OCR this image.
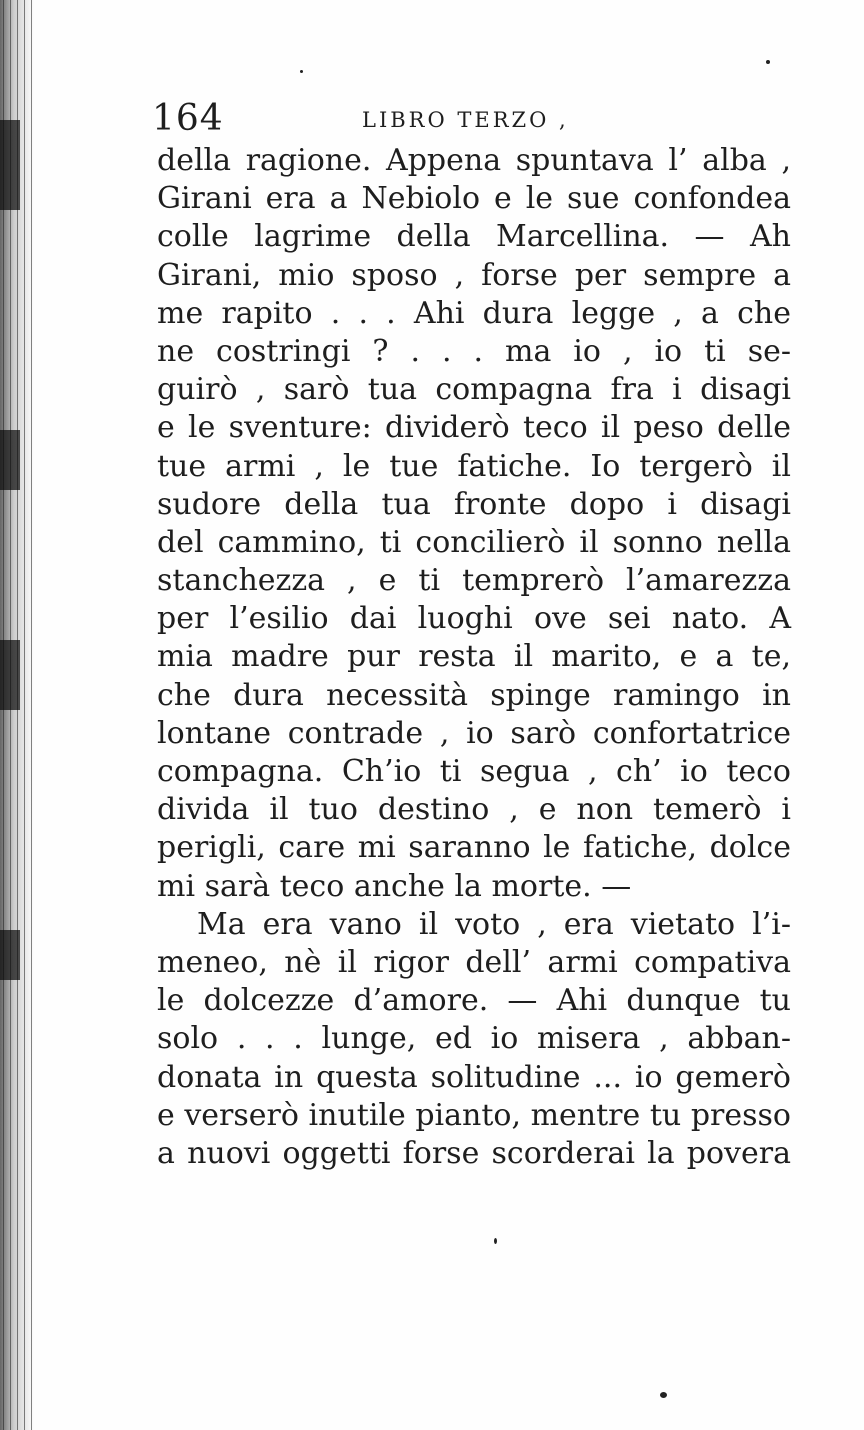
164	LIBRO TERZO ,
della ragione. Appena spuntava l’ alba ,
Girani era a Nebiolo e le sue confondea
colle lagrime della Marcellina. — Ah
Girani, mio sposo , forse per sempre a
me rapito . . . Ahi dura legge , a che
ne costringi ? . . . ma io , io ti se-
guirò , sarò tua compagna fra i disagi
e le sventure: dividerò teco il peso delle
tue armi , le tue fatiche. Io tergerò il
sudore della tua fronte dopo i disagi
del cammino, ti concilierò il sonno nella
stanchezza , e ti temprerò l’amarezza
per l’esilio dai luoghi ove sei nato. A
mia madre pur resta il marito, e a te,
che dura necessità spinge ramingo in
lontane contrade , io sarò confortatrice
compagna. Ch’io ti segua , ch’ io teco
divida il tuo destino , e non temerò i
perigli, care mi saranno le fatiche, dolce
mi sarà teco anche la morte. —
Ma era vano il voto , era vietato l’i-
meneo, nè il rigor dell’ armi compativa
le dolcezze d’amore. — Ahi dunque tu
solo . . . lunge, ed io misera , abban-
donata in questa solitudine ... io gemerò
e verserò inutile pianto, mentre tu presso
a nuovi oggetti forse scorderai la povera
